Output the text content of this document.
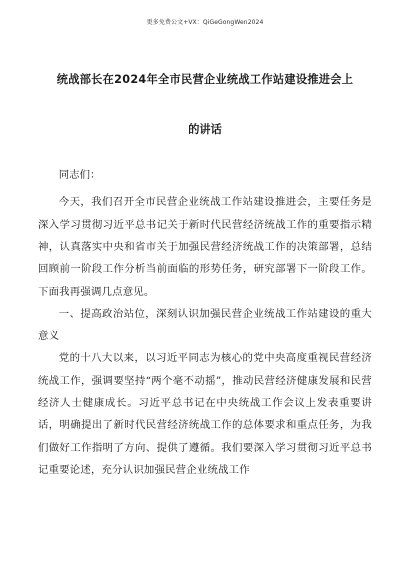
更多免费公文+VX：QiGeGongWen2024
统战部长在2024年全市民营企业统战工作站建设推进会上
的讲话

同志们：

今天，我们召开全市民营企业统战工作站建设推进会，主要任务是深入学习贯彻习近平总书记关于新时代民营经济统战工作的重要指示精神，认真落实中央和省市关于加强民营经济统战工作的决策部署，总结回顾前一阶段工作分析当前面临的形势任务，研究部署下一阶段工作。下面我再强调几点意见。

一、提高政治站位，深刻认识加强民营企业统战工作站建设的重大意义

党的十八大以来，以习近平同志为核心的党中央高度重视民营经济统战工作，强调要坚持“两个毫不动摇”，推动民营经济健康发展和民营经济人士健康成长。习近平总书记在中央统战工作会议上发表重要讲话，明确提出了新时代民营经济统战工作的总体要求和重点任务，为我们做好工作指明了方向、提供了遵循。我们要深入学习贯彻习近平总书记重要论述，充分认识加强民营企业统战工作
